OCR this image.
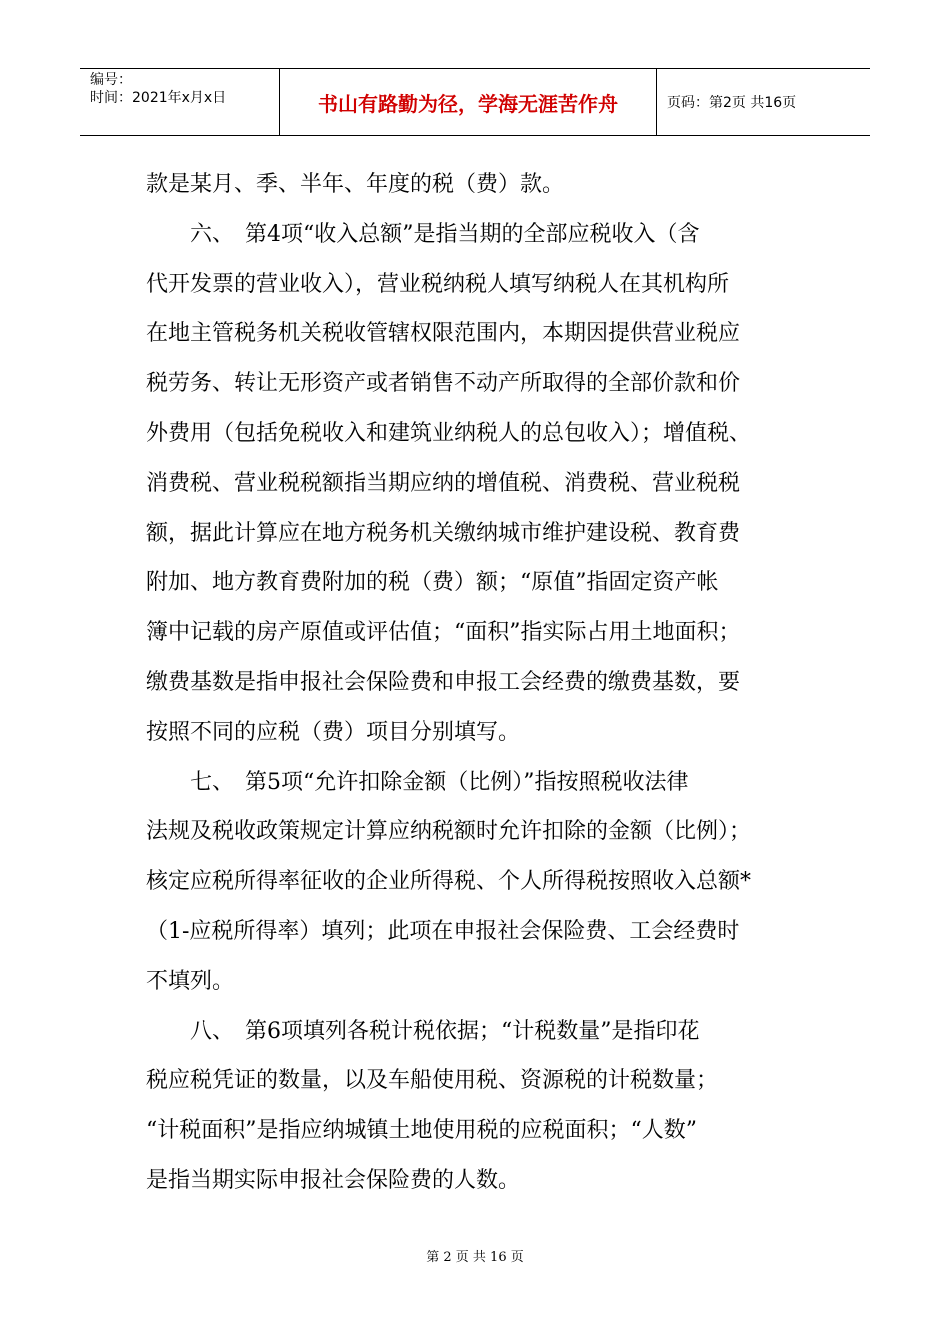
编号：
时间：2021年x月x日	书山有路勤为径，学海无涯苦作舟	页码：第2页 共16页

款是某月、季、半年、年度的税（费）款。

　　六、　第4项“收入总额”是指当期的全部应税收入（含

代开发票的营业收入），营业税纳税人填写纳税人在其机构所

在地主管税务机关税收管辖权限范围内，本期因提供营业税应

税劳务、转让无形资产或者销售不动产所取得的全部价款和价

外费用（包括免税收入和建筑业纳税人的总包收入）；增值税、

消费税、营业税税额指当期应纳的增值税、消费税、营业税税

额，据此计算应在地方税务机关缴纳城市维护建设税、教育费

附加、地方教育费附加的税（费）额；“原值”指固定资产帐

簿中记载的房产原值或评估值；“面积”指实际占用土地面积；

缴费基数是指申报社会保险费和申报工会经费的缴费基数，要

按照不同的应税（费）项目分别填写。

　　七、　第5项“允许扣除金额（比例）”指按照税收法律

法规及税收政策规定计算应纳税额时允许扣除的金额（比例）；

核定应税所得率征收的企业所得税、个人所得税按照收入总额*

（1-应税所得率）填列；此项在申报社会保险费、工会经费时

不填列。

　　八、　第6项填列各税计税依据；“计税数量”是指印花

税应税凭证的数量，以及车船使用税、资源税的计税数量；

“计税面积”是指应纳城镇土地使用税的应税面积；“人数”

是指当期实际申报社会保险费的人数。

第 2 页 共 16 页
